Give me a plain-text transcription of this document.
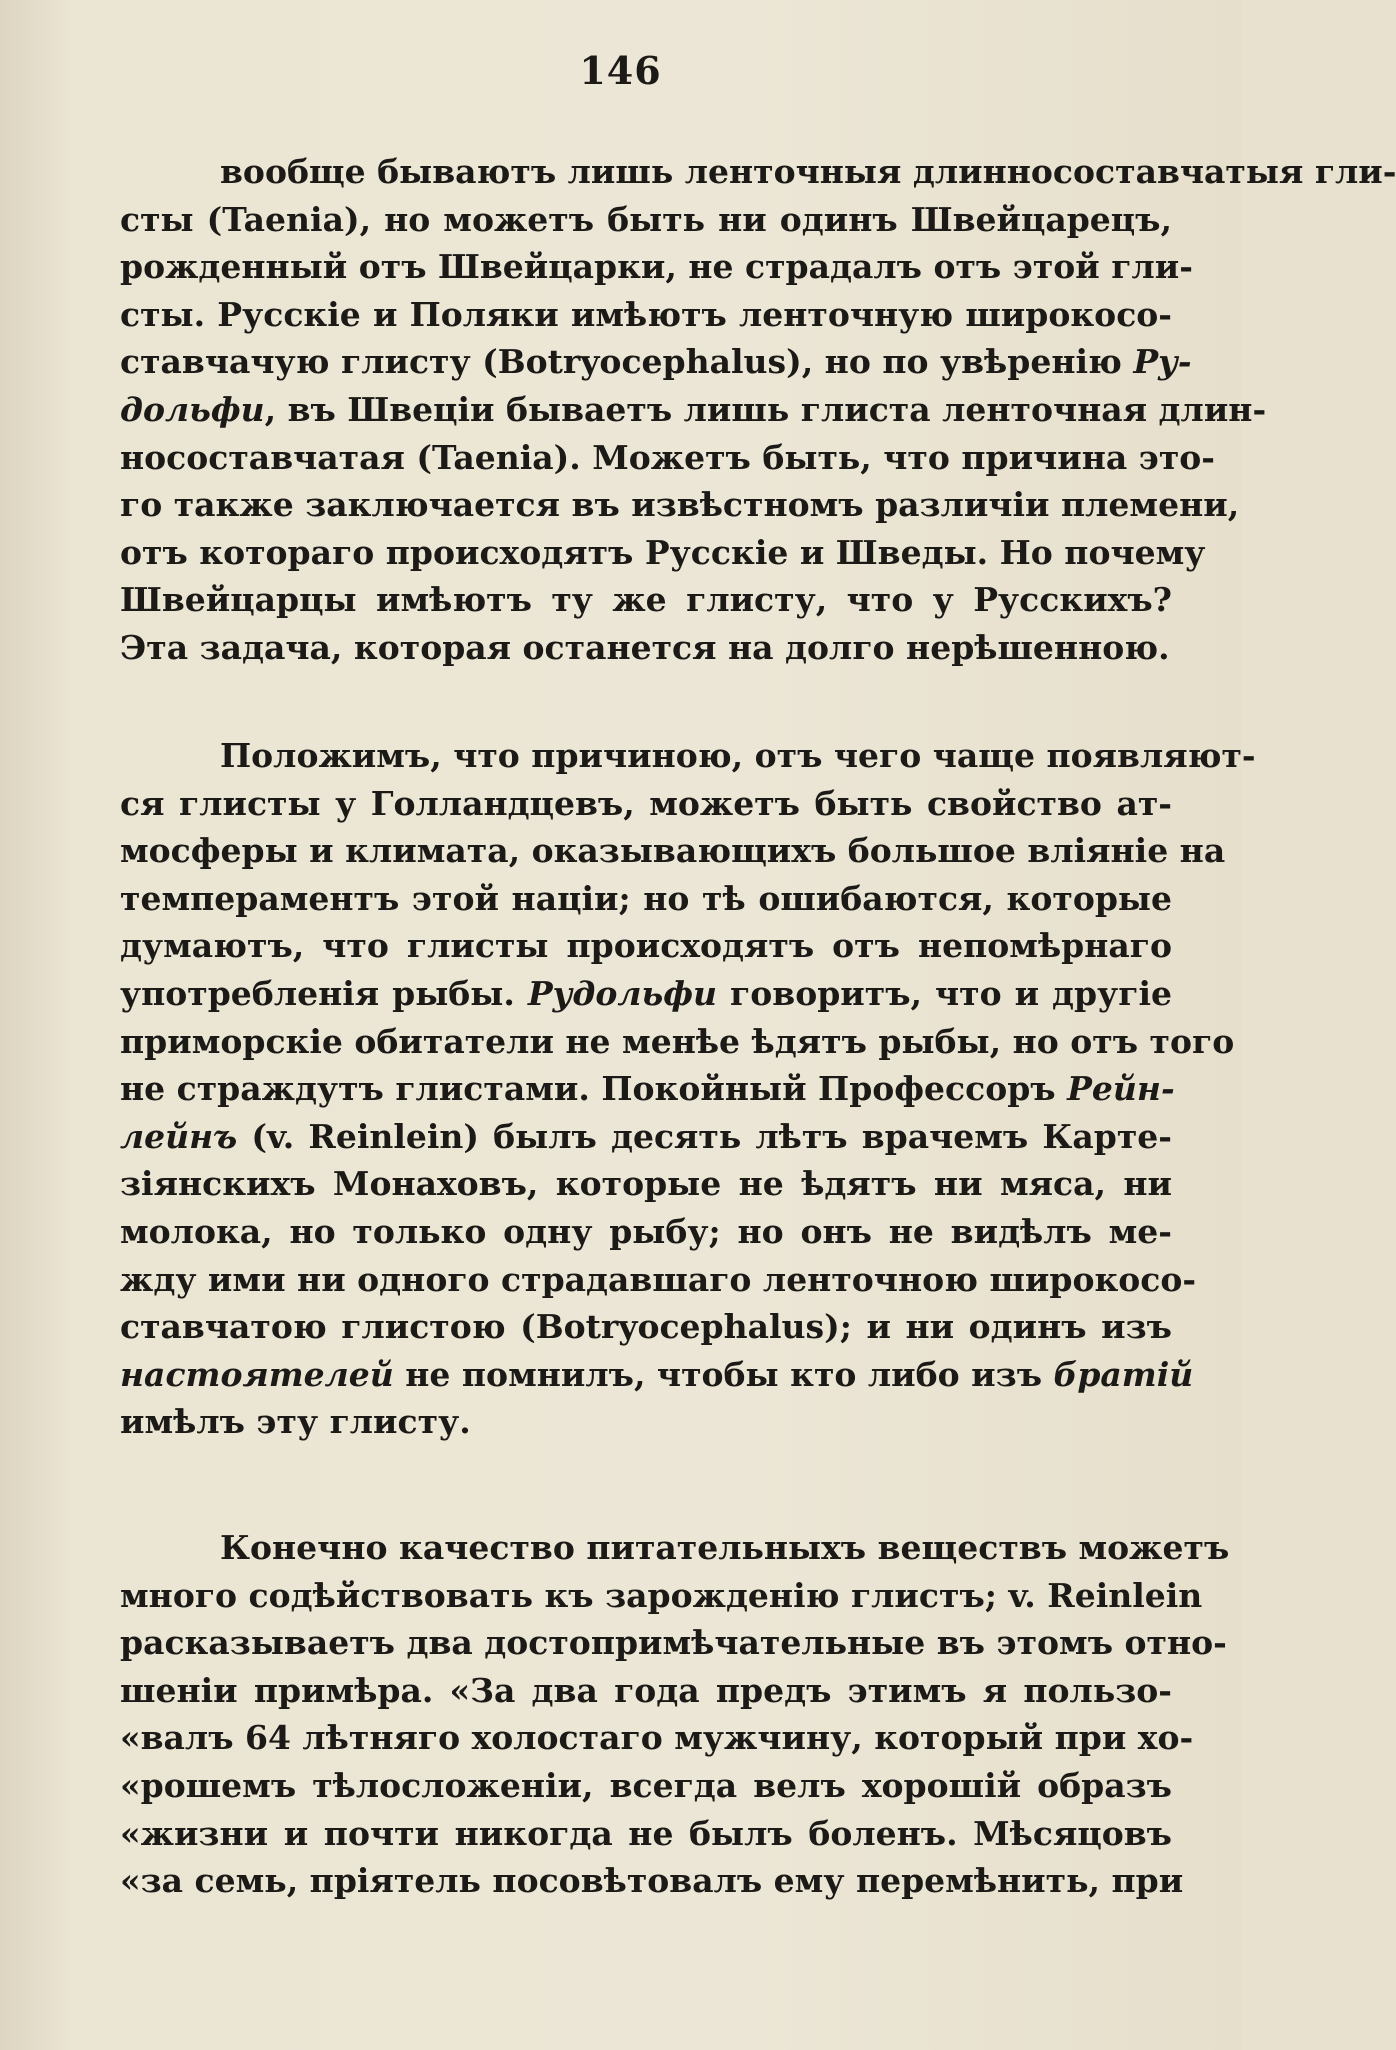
146
вообще бываютъ лишь ленточныя длинносоставчатыя гли-
сты (Taenia), но можетъ быть ни одинъ Швейцарецъ,
рожденный отъ Швейцарки, не страдалъ отъ этой гли-
сты. Русскіе и Поляки имѣютъ ленточную широкосо-
ставчачую глисту (Botryocephalus), но по увѣренію Ру-
дольфи, въ Швеціи бываетъ лишь глиста ленточная длин-
носоставчатая (Taenia). Можетъ быть, что причина это-
го также заключается въ извѣстномъ различіи племени,
отъ котораго происходятъ Русскіе и Шведы. Но почему
Швейцарцы имѣютъ ту же глисту, что у Русскихъ?
Эта задача, которая останется на долго нерѣшенною.
Положимъ, что причиною, отъ чего чаще появляют-
ся глисты у Голландцевъ, можетъ быть свойство ат-
мосферы и климата, оказывающихъ большое вліяніе на
темпераментъ этой націи; но тѣ ошибаются, которые
думаютъ, что глисты происходятъ отъ непомѣрнаго
употребленія рыбы. Рудольфи говоритъ, что и другіе
приморскіе обитатели не менѣе ѣдятъ рыбы, но отъ того
не страждутъ глистами. Покойный Профессоръ Рейн-
лейнъ (v. Reinlein) былъ десять лѣтъ врачемъ Карте-
зіянскихъ Монаховъ, которые не ѣдятъ ни мяса, ни
молока, но только одну рыбу; но онъ не видѣлъ ме-
жду ими ни одного страдавшаго ленточною широкосо-
ставчатою глистою (Botryocephalus); и ни одинъ изъ
настоятелей не помнилъ, чтобы кто либо изъ братій
имѣлъ эту глисту.
Конечно качество питательныхъ веществъ можетъ
много содѣйствовать къ зарожденію глистъ; v. Reinlein
расказываетъ два достопримѣчательные въ этомъ отно-
шеніи примѣра. «За два года предъ этимъ я пользо-
«валъ 64 лѣтняго холостаго мужчину, который при хо-
«рошемъ тѣлосложеніи, всегда велъ хорошій образъ
«жизни и почти никогда не былъ боленъ. Мѣсяцовъ
«за семь, пріятель посовѣтовалъ ему перемѣнить, при
